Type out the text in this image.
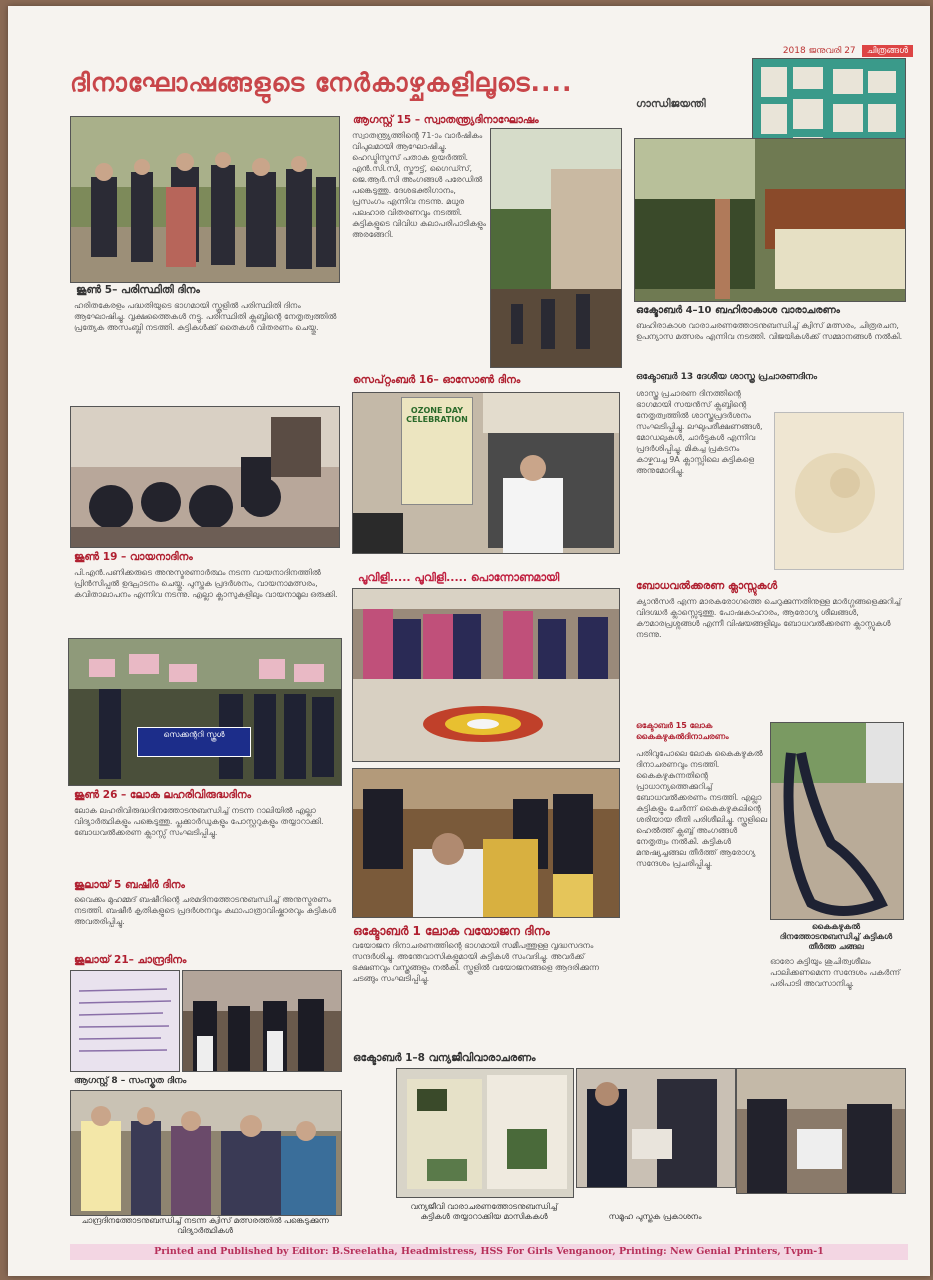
2018 ജനുവരി 27 ചിത്രങ്ങൾ
ദിനാഘോഷങ്ങളുടെ നേർകാഴ്ചകളിലൂടെ....
ജൂൺ 5– പരിസ്ഥിതി ദിനം
ഹരിതകേരളം പദ്ധതിയുടെ ഭാഗമായി സ്കൂളിൽ പരിസ്ഥിതി ദിനം ആഘോഷിച്ചു. വൃക്ഷത്തൈകൾ നട്ടു. പരിസ്ഥിതി ക്ലബ്ബിന്റെ നേതൃത്വത്തിൽ പ്രത്യേക അസംബ്ലി നടത്തി. കുട്ടികൾക്ക് തൈകൾ വിതരണം ചെയ്തു.
ജൂൺ 19 – വായനാദിനം
പി.എൻ.പണിക്കരുടെ അനുസ്മരണാർത്ഥം നടന്ന വായനാദിനത്തിൽ പ്രിൻസിപ്പൽ ഉദ്ഘാടനം ചെയ്തു. പുസ്തക പ്രദർശനം, വായനാമത്സരം, കവിതാലാപനം എന്നിവ നടന്നു. എല്ലാ ക്ലാസുകളിലും വായനാമൂല ഒരുക്കി.
സെക്കന്ററി സ്കൂൾ
ജൂൺ 26 – ലോക ലഹരിവിരുദ്ധദിനം
ലോക ലഹരിവിരുദ്ധദിനത്തോടനുബന്ധിച്ച് നടന്ന റാലിയിൽ എല്ലാ വിദ്യാർത്ഥികളും പങ്കെടുത്തു. പ്ലക്കാർഡുകളും പോസ്റ്ററുകളും തയ്യാറാക്കി. ബോധവൽക്കരണ ക്ലാസ്സ് സംഘടിപ്പിച്ചു.
ജൂലായ് 5 ബഷീർ ദിനം
വൈക്കം മുഹമ്മദ് ബഷീറിന്റെ ചരമദിനത്തോടനുബന്ധിച്ച് അനുസ്മരണം നടത്തി. ബഷീർ കൃതികളുടെ പ്രദർശനവും കഥാപാത്രാവിഷ്കാരവും കുട്ടികൾ അവതരിപ്പിച്ചു.
ജൂലായ് 21– ചാന്ദ്രദിനം
ആഗസ്റ്റ് 8 – സംസ്കൃത ദിനം
ചാന്ദ്രദിനത്തോടനുബന്ധിച്ച് നടന്ന ക്വിസ് മത്സരത്തിൽ പങ്കെടുക്കുന്ന വിദ്യാർത്ഥികൾ
ആഗസ്റ്റ് 15 – സ്വാതന്ത്ര്യദിനാഘോഷം
സ്വാതന്ത്ര്യത്തിന്റെ 71-ാം വാർഷികം വിപുലമായി ആഘോഷിച്ചു. ഹെഡ്മിസ്ട്രസ് പതാക ഉയർത്തി. എൻ.സി.സി, സ്കൗട്ട്, ഗൈഡ്സ്, ജെ.ആർ.സി അംഗങ്ങൾ പരേഡിൽ പങ്കെടുത്തു. ദേശഭക്തിഗാനം, പ്രസംഗം എന്നിവ നടന്നു. മധുര പലഹാര വിതരണവും നടത്തി. കുട്ടികളുടെ വിവിധ കലാപരിപാടികളും അരങ്ങേറി.
സെപ്റ്റംബർ 16– ഓസോൺ ദിനം
OZONE DAY
CELEBRATION
പൂവിളി..... പൂവിളി..... പൊന്നോണമായി
ഒക്ടോബർ 1 ലോക വയോജന ദിനം
വയോജന ദിനാചരണത്തിന്റെ ഭാഗമായി സമീപത്തുള്ള വൃദ്ധസദനം സന്ദർശിച്ചു. അന്തേവാസികളുമായി കുട്ടികൾ സംവദിച്ചു. അവർക്ക് ഭക്ഷണവും വസ്ത്രങ്ങളും നൽകി. സ്കൂളിൽ വയോജനങ്ങളെ ആദരിക്കുന്ന ചടങ്ങും സംഘടിപ്പിച്ചു.
ഒക്ടോബർ 1–8 വന്യജീവിവാരാചരണം
ഗാന്ധിജയന്തി
ഒക്ടോബർ 4–10 ബഹിരാകാശ വാരാചരണം
ബഹിരാകാശ വാരാചരണത്തോടനുബന്ധിച്ച് ക്വിസ് മത്സരം, ചിത്രരചന, ഉപന്യാസ മത്സരം എന്നിവ നടത്തി. വിജയികൾക്ക് സമ്മാനങ്ങൾ നൽകി.
ഒക്ടോബർ 13 ദേശീയ ശാസ്ത്ര പ്രചാരണദിനം
ശാസ്ത്ര പ്രചാരണ ദിനത്തിന്റെ ഭാഗമായി സയൻസ് ക്ലബ്ബിന്റെ നേതൃത്വത്തിൽ ശാസ്ത്രപ്രദർശനം സംഘടിപ്പിച്ചു. ലഘുപരീക്ഷണങ്ങൾ, മോഡലുകൾ, ചാർട്ടുകൾ എന്നിവ പ്രദർശിപ്പിച്ചു. മികച്ച പ്രകടനം കാഴ്ചവച്ച 9A ക്ലാസ്സിലെ കുട്ടികളെ അനുമോദിച്ചു.
ബോധവൽക്കരണ ക്ലാസ്സുകൾ
ക്യാൻസർ എന്ന മാരകരോഗത്തെ ചെറുക്കുന്നതിനുള്ള മാർഗ്ഗങ്ങളെക്കുറിച്ച് വിദഗ്ദ്ധർ ക്ലാസ്സെടുത്തു. പോഷകാഹാരം, ആരോഗ്യ ശീലങ്ങൾ, കൗമാരപ്രശ്നങ്ങൾ എന്നീ വിഷയങ്ങളിലും ബോധവൽക്കരണ ക്ലാസ്സുകൾ നടന്നു.
ഒക്ടോബർ 15 ലോക കൈകഴുകൽദിനാചരണം
പതിവുപോലെ ലോക കൈകഴുകൽ ദിനാചരണവും നടത്തി. കൈകഴുകുന്നതിന്റെ പ്രാധാന്യത്തെക്കുറിച്ച് ബോധവൽക്കരണം നടത്തി. എല്ലാ കുട്ടികളും ചേർന്ന് കൈകഴുകലിന്റെ ശരിയായ രീതി പരിശീലിച്ചു. സ്കൂളിലെ ഹെൽത്ത് ക്ലബ്ബ് അംഗങ്ങൾ നേതൃത്വം നൽകി. കുട്ടികൾ മനുഷ്യച്ചങ്ങല തീർത്ത് ആരോഗ്യ സന്ദേശം പ്രചരിപ്പിച്ചു.
കൈകഴുകൽ ദിനത്തോടനുബന്ധിച്ച് കുട്ടികൾ തീർത്ത ചങ്ങല
ഓരോ കുട്ടിയും ശുചിത്വശീലം പാലിക്കണമെന്ന സന്ദേശം പകർന്ന് പരിപാടി അവസാനിച്ചു.
വന്യജീവി വാരാചരണത്തോടനുബന്ധിച്ച് കുട്ടികൾ തയ്യാറാക്കിയ മാസികകൾ	സമൂഹ പുസ്തക പ്രകാശനം
Printed and Published by Editor: B.Sreelatha, Headmistress, HSS For Girls Venganoor, Printing: New Genial Printers, Tvpm-1
